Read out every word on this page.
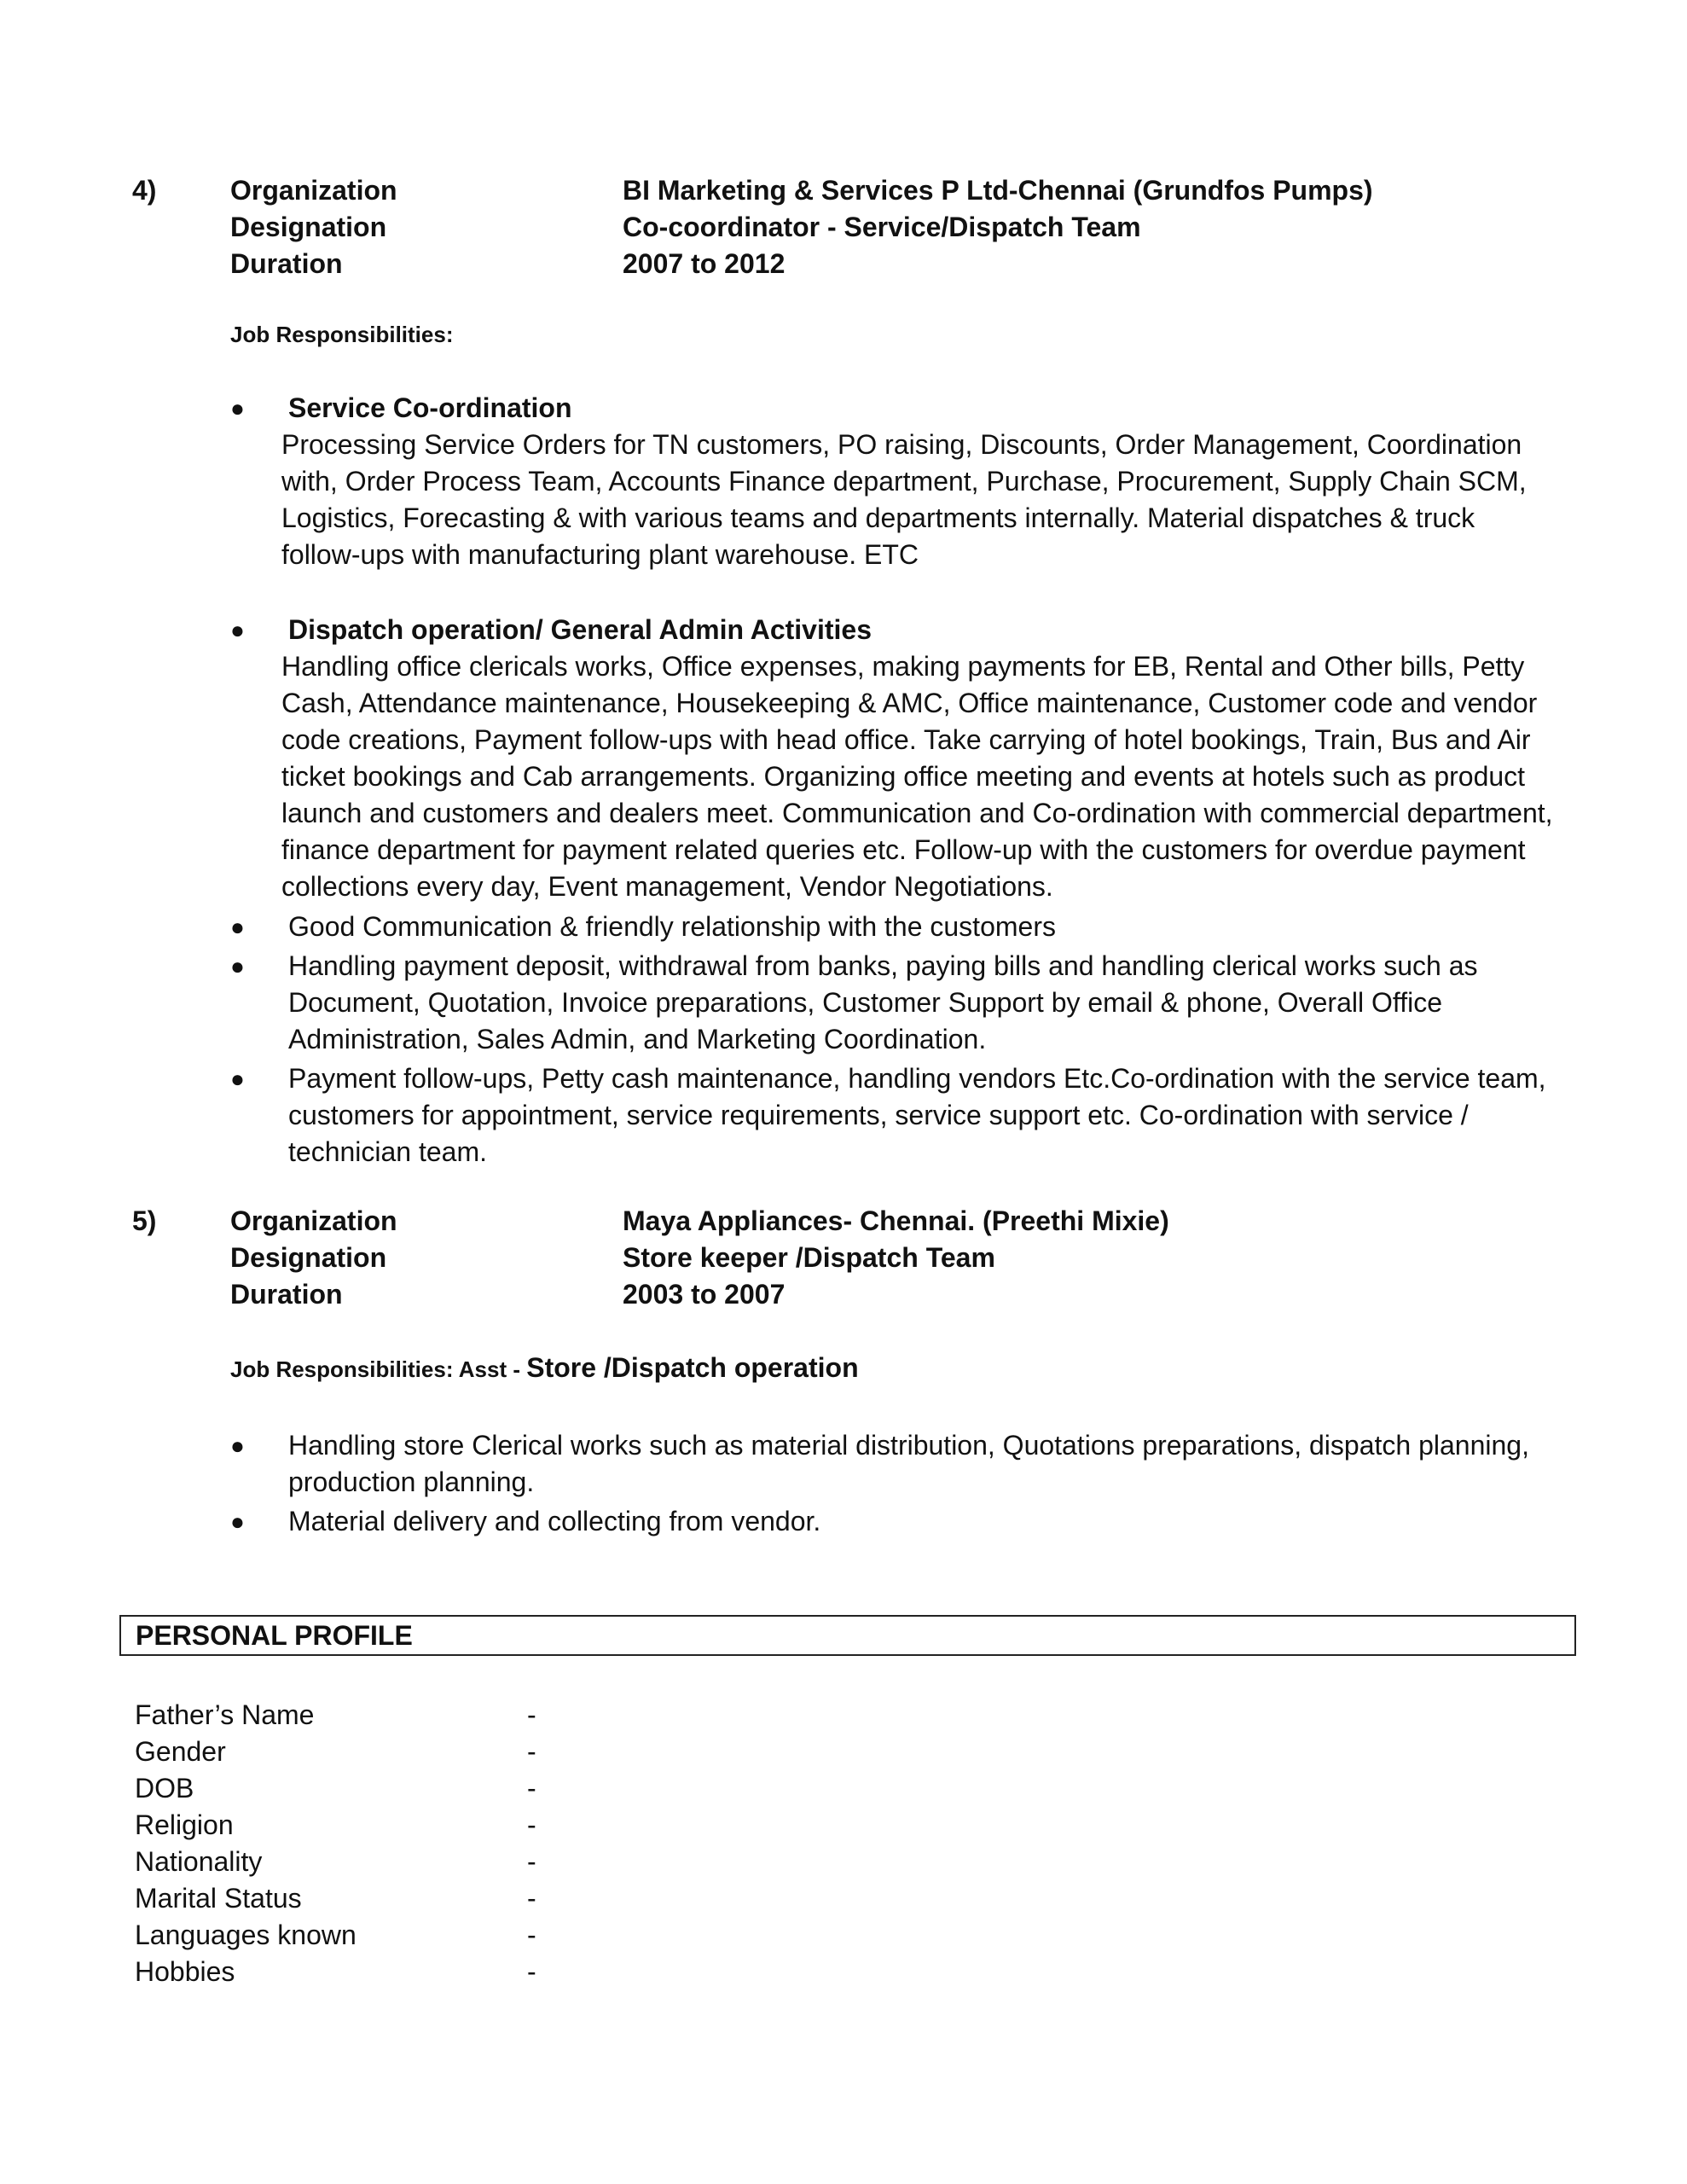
4)	Organization	BI Marketing & Services P Ltd-Chennai (Grundfos Pumps)
Designation	Co-coordinator - Service/Dispatch Team
Duration	2007 to 2012
Job Responsibilities:
●	Service Co-ordination
Processing Service Orders for TN customers, PO raising, Discounts, Order Management, Coordination with, Order Process Team, Accounts Finance department, Purchase, Procurement, Supply Chain SCM, Logistics, Forecasting & with various teams and departments internally. Material dispatches & truck follow-ups with manufacturing plant warehouse. ETC
●	Dispatch operation/ General Admin Activities
Handling office clericals works, Office expenses, making payments for EB, Rental and Other bills, Petty Cash, Attendance maintenance, Housekeeping & AMC, Office maintenance, Customer code and vendor code creations, Payment follow-ups with head office. Take carrying of hotel bookings, Train, Bus and Air ticket bookings and Cab arrangements. Organizing office meeting and events at hotels such as product launch and customers and dealers meet. Communication and Co-ordination with commercial department, finance department for payment related queries etc. Follow-up with the customers for overdue payment collections every day, Event management, Vendor Negotiations.
●	Good Communication & friendly relationship with the customers
●	Handling payment deposit, withdrawal from banks, paying bills and handling clerical works such as Document, Quotation, Invoice preparations, Customer Support by email & phone, Overall Office Administration, Sales Admin, and Marketing Coordination.
●	Payment follow-ups, Petty cash maintenance, handling vendors Etc.Co-ordination with the service team, customers for appointment, service requirements, service support etc. Co-ordination with service / technician team.
5)	Organization	Maya Appliances- Chennai. (Preethi Mixie)
Designation	Store keeper /Dispatch Team
Duration	2003 to 2007
Job Responsibilities: Asst - Store /Dispatch operation
●	Handling store Clerical works such as material distribution, Quotations preparations, dispatch planning, production planning.
●	Material delivery and collecting from vendor.
PERSONAL PROFILE
Father’s Name	-
Gender	-
DOB	-
Religion	-
Nationality	-
Marital Status	-
Languages known	-
Hobbies	-
